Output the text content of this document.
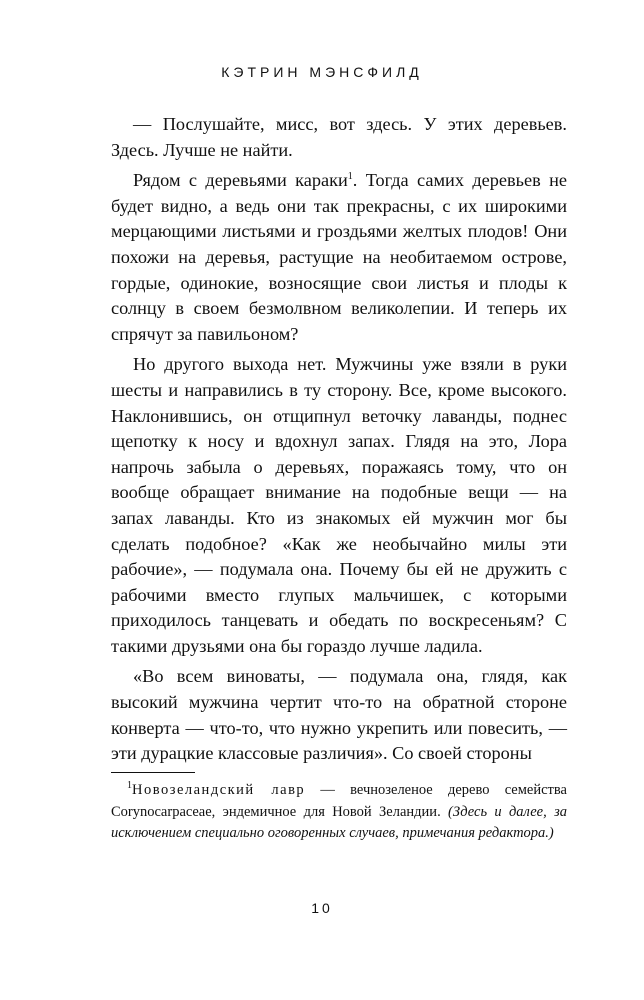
КЭТРИН МЭНСФИЛД

— Послушайте, мисс, вот здесь. У этих деревьев. Здесь. Лучше не найти.

Рядом с деревьями караки$^1$. Тогда самих деревьев не будет видно, а ведь они так прекрасны, с их широкими мерцающими листьями и гроздьями желтых плодов! Они похожи на деревья, растущие на необитаемом острове, гордые, одинокие, возносящие свои листья и плоды к солнцу в своем безмолвном великолепии. И теперь их спрячут за павильоном?

Но другого выхода нет. Мужчины уже взяли в руки шесты и направились в ту сторону. Все, кроме высокого. Наклонившись, он отщипнул веточку лаванды, поднес щепотку к носу и вдохнул запах. Глядя на это, Лора напрочь забыла о деревьях, поражаясь тому, что он вообще обращает внимание на подобные вещи — на запах лаванды. Кто из знакомых ей мужчин мог бы сделать подобное? «Как же необычайно милы эти рабочие», — подумала она. Почему бы ей не дружить с рабочими вместо глупых мальчишек, с которыми приходилось танцевать и обедать по воскресеньям? С такими друзьями она бы гораздо лучше ладила.

«Во всем виноваты, — подумала она, глядя, как высокий мужчина чертит что-то на обратной стороне конверта — что-то, что нужно укрепить или повесить, — эти дурацкие классовые различия». Со своей стороны

$^1$Новозеландский лавр — вечнозеленое дерево семейства Corynocarpaceae, эндемичное для Новой Зеландии. (Здесь и далее, за исключением специально оговоренных случаев, примечания редактора.)
10
